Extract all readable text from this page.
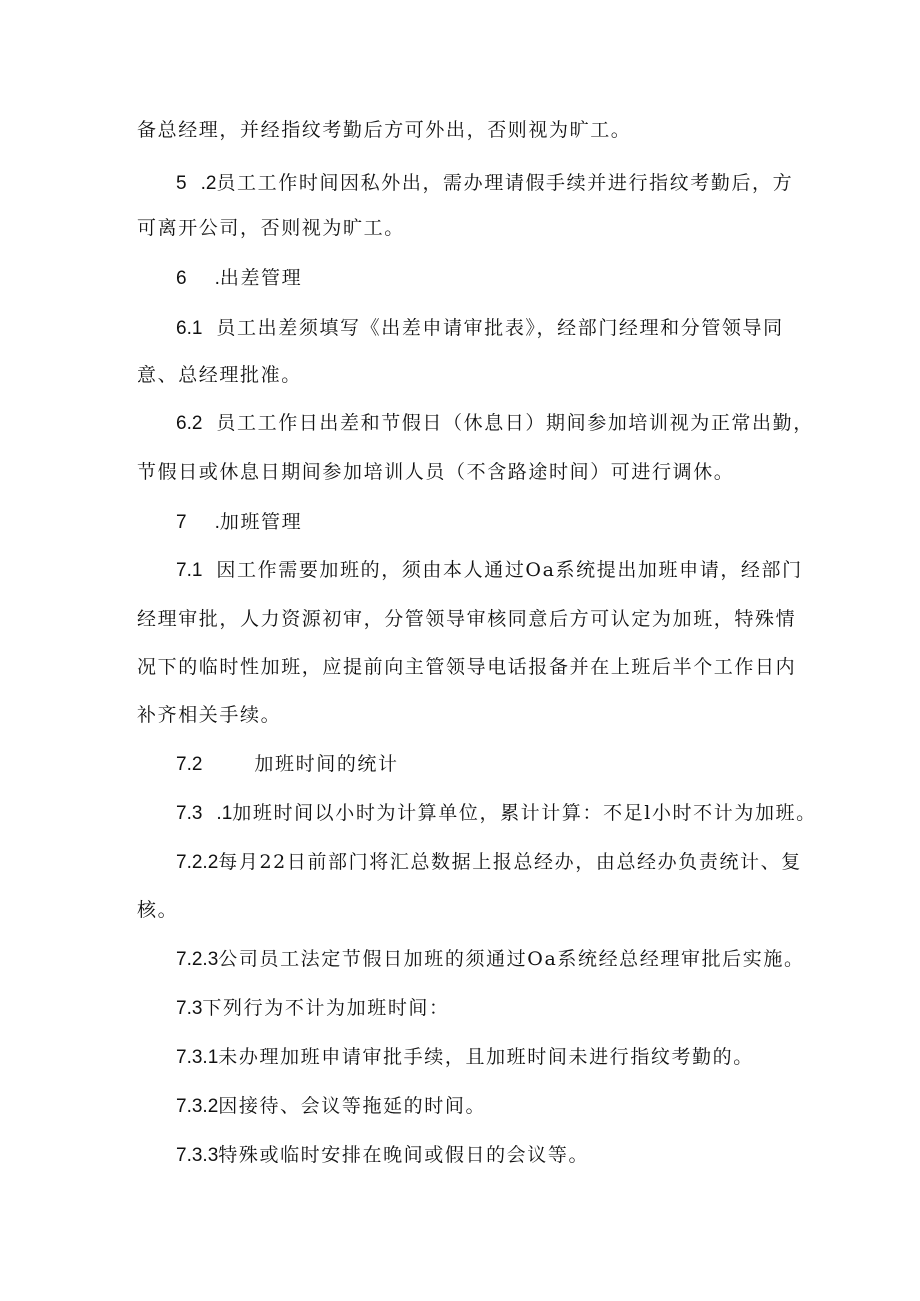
备总经理，并经指纹考勤后方可外出，否则视为旷工。
5 .2员工工作时间因私外出，需办理请假手续并进行指纹考勤后，方
可离开公司，否则视为旷工。
6 .出差管理
6.1 员工出差须填写《出差申请审批表》，经部门经理和分管领导同
意、总经理批准。
6.2 员工工作日出差和节假日（休息日）期间参加培训视为正常出勤，
节假日或休息日期间参加培训人员（不含路途时间）可进行调休。
7 .加班管理
7.1 因工作需要加班的，须由本人通过Oa系统提出加班申请，经部门
经理审批，人力资源初审，分管领导审核同意后方可认定为加班，特殊情
况下的临时性加班，应提前向主管领导电话报备并在上班后半个工作日内
补齐相关手续。
7.2	加班时间的统计
7.3 .1加班时间以小时为计算单位，累计计算：不足l小时不计为加班。
7.2.2每月22日前部门将汇总数据上报总经办，由总经办负责统计、复
核。
7.2.3公司员工法定节假日加班的须通过Oa系统经总经理审批后实施。
7.3下列行为不计为加班时间：
7.3.1未办理加班申请审批手续，且加班时间未进行指纹考勤的。
7.3.2因接待、会议等拖延的时间。
7.3.3特殊或临时安排在晚间或假日的会议等。
